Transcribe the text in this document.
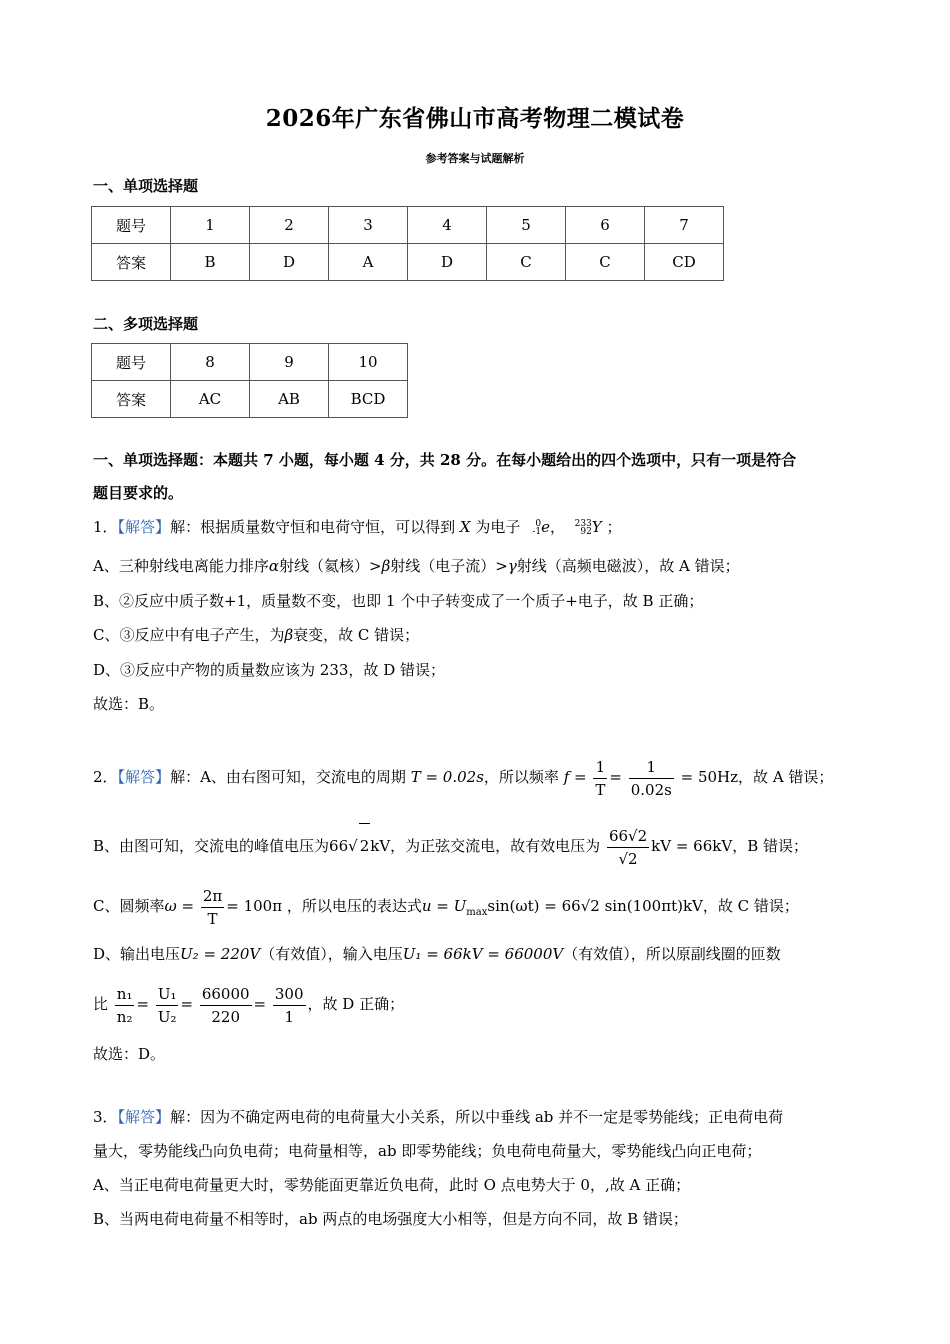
2026年广东省佛山市高考物理二模试卷
参考答案与试题解析
一、单项选择题
题号	1	2	3	4	5	6	7
答案	B	D	A	D	C	C	CD
二、多项选择题
题号	8	9	10
答案	AC	AB	BCD
一、单项选择题：本题共 7 小题，每小题 4 分，共 28 分。在每小题给出的四个选项中，只有一项是符合
题目要求的。
1．【解答】解：根据质量数守恒和电荷守恒，可以得到 X 为电子 0
-1 e， 233
92 Y ；
A、三种射线电离能力排序α射线（氦核）>β射线（电子流）>γ射线（高频电磁波），故 A 错误；
B、②反应中质子数+1，质量数不变，也即 1 个中子转变成了一个质子+电子，故 B 正确；
C、③反应中有电子产生，为β衰变，故 C 错误；
D、③反应中产物的质量数应该为 233，故 D 错误；
故选：B。
2．【解答】解：A、由右图可知，交流电的周期 T = 0.02s，所以频率 $f = \frac{1}{T} = \frac{1}{0.02s} = 50Hz$，故 A 错误；
B、由图可知，交流电的峰值电压为66√ 2kV，为正弦交流电，故有效电压为 $\frac{66√2}{√2}$ kV = 66kV，B 错误；
C、圆频率$\omega = \frac{2\pi}{T} = 100\pi$ ，所以电压的表达式$u = U_{max}\sin(\omega t) = 66√2$ sin(100πt)kV，故 C 错误；
D、输出电压U₂ = 220V（有效值），输入电压U₁ = 66kV = 66000V（有效值），所以原副线圈的匝数
比 $\frac{\text{n₁}}{\text{n₂}} = \frac{\text{U₁}}{\text{U₂}} = \frac{66000}{220} = \frac{300}{1}$ ，故 D 正确；
故选：D。
3．【解答】解：因为不确定两电荷的电荷量大小关系，所以中垂线 ab 并不一定是零势能线；正电荷电荷
量大，零势能线凸向负电荷；电荷量相等，ab 即零势能线；负电荷电荷量大，零势能线凸向正电荷；
A、当正电荷电荷量更大时，零势能面更靠近负电荷，此时 O 点电势大于 0，,故 A 正确；
B、当两电荷电荷量不相等时，ab 两点的电场强度大小相等，但是方向不同，故 B 错误；
